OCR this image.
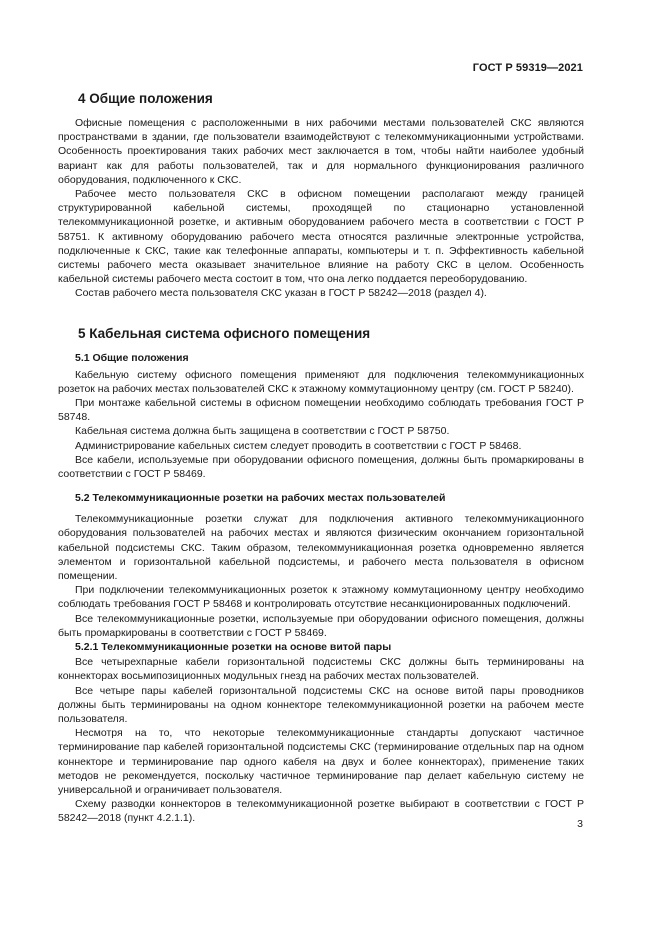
ГОСТ Р 59319—2021
4 Общие положения

Офисные помещения с расположенными в них рабочими местами пользователей СКС являются пространствами в здании, где пользователи взаимодействуют с телекоммуникационными устройствами. Особенность проектирования таких рабочих мест заключается в том, чтобы найти наиболее удобный вариант как для работы пользователей, так и для нормального функционирования различного оборудования, подключенного к СКС.

Рабочее место пользователя СКС в офисном помещении располагают между границей структурированной кабельной системы, проходящей по стационарно установленной телекоммуникационной розетке, и активным оборудованием рабочего места в соответствии с ГОСТ Р 58751. К активному оборудованию рабочего места относятся различные электронные устройства, подключенные к СКС, такие как телефонные аппараты, компьютеры и т. п. Эффективность кабельной системы рабочего места оказывает значительное влияние на работу СКС в целом. Особенность кабельной системы рабочего места состоит в том, что она легко поддается переоборудованию.

Состав рабочего места пользователя СКС указан в ГОСТ Р 58242—2018 (раздел 4).

5 Кабельная система офисного помещения
5.1 Общие положения

Кабельную систему офисного помещения применяют для подключения телекоммуникационных розеток на рабочих местах пользователей СКС к этажному коммутационному центру (см. ГОСТ Р 58240).

При монтаже кабельной системы в офисном помещении необходимо соблюдать требования ГОСТ Р 58748.

Кабельная система должна быть защищена в соответствии с ГОСТ Р 58750.

Администрирование кабельных систем следует проводить в соответствии с ГОСТ Р 58468.

Все кабели, используемые при оборудовании офисного помещения, должны быть промаркированы в соответствии с ГОСТ Р 58469.

5.2 Телекоммуникационные розетки на рабочих местах пользователей

Телекоммуникационные розетки служат для подключения активного телекоммуникационного оборудования пользователей на рабочих местах и являются физическим окончанием горизонтальной кабельной подсистемы СКС. Таким образом, телекоммуникационная розетка одновременно является элементом и горизонтальной кабельной подсистемы, и рабочего места пользователя в офисном помещении.

При подключении телекоммуникационных розеток к этажному коммутационному центру необходимо соблюдать требования ГОСТ Р 58468 и контролировать отсутствие несанкционированных подключений.

Все телекоммуникационные розетки, используемые при оборудовании офисного помещения, должны быть промаркированы в соответствии с ГОСТ Р 58469.

5.2.1 Телекоммуникационные розетки на основе витой пары

Все четырехпарные кабели горизонтальной подсистемы СКС должны быть терминированы на коннекторах восьмипозиционных модульных гнезд на рабочих местах пользователей.

Все четыре пары кабелей горизонтальной подсистемы СКС на основе витой пары проводников должны быть терминированы на одном коннекторе телекоммуникационной розетки на рабочем месте пользователя.

Несмотря на то, что некоторые телекоммуникационные стандарты допускают частичное терминирование пар кабелей горизонтальной подсистемы СКС (терминирование отдельных пар на одном коннекторе и терминирование пар одного кабеля на двух и более коннекторах), применение таких методов не рекомендуется, поскольку частичное терминирование пар делает кабельную систему не универсальной и ограничивает пользователя.

Схему разводки коннекторов в телекоммуникационной розетке выбирают в соответствии с ГОСТ Р 58242—2018 (пункт 4.2.1.1).	3
